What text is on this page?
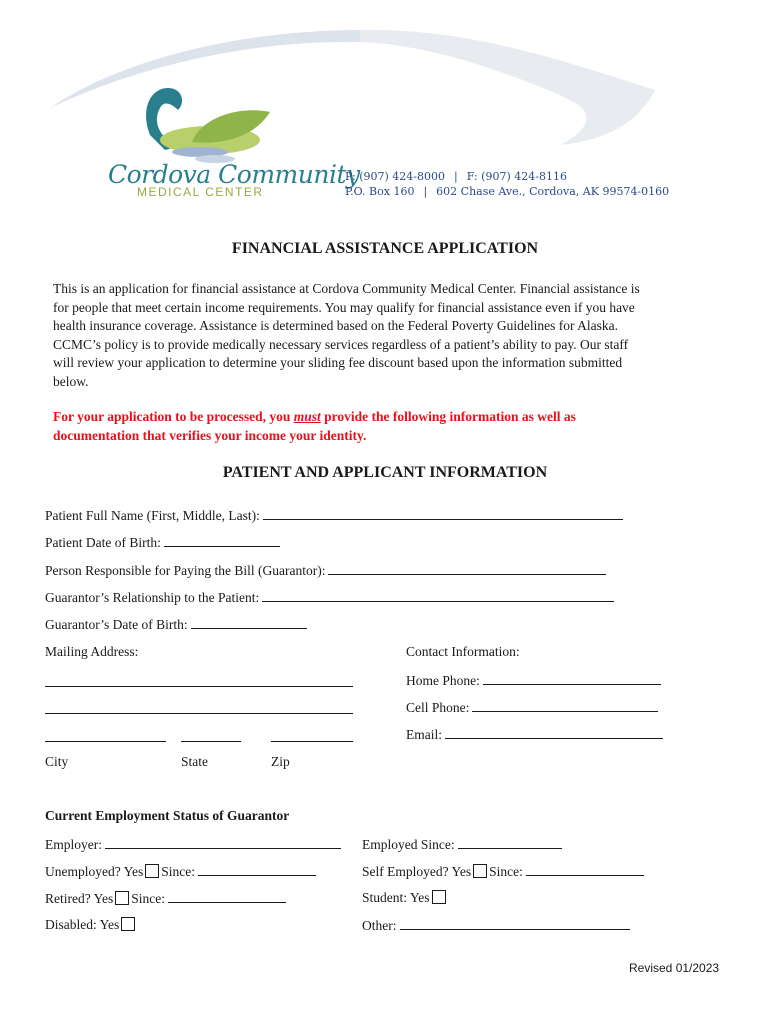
Cordova Community
MEDICAL CENTER
P: (907) 424-8000 | F: (907) 424-8116
P.O. Box 160 | 602 Chase Ave., Cordova, AK 99574-0160
FINANCIAL ASSISTANCE APPLICATION

This is an application for financial assistance at Cordova Community Medical Center. Financial assistance is

for people that meet certain income requirements. You may qualify for financial assistance even if you have

health insurance coverage. Assistance is determined based on the Federal Poverty Guidelines for Alaska.

CCMC’s policy is to provide medically necessary services regardless of a patient’s ability to pay. Our staff

will review your application to determine your sliding fee discount based upon the information submitted

below.

For your application to be processed, you must provide the following information as well as

documentation that verifies your income your identity.

PATIENT AND APPLICANT INFORMATION
Patient Full Name (First, Middle, Last):
Patient Date of Birth:
Person Responsible for Paying the Bill (Guarantor):
Guarantor’s Relationship to the Patient:
Guarantor’s Date of Birth:
Mailing Address:
City	State	Zip
Contact Information:
Home Phone:
Cell Phone:
Email:
Current Employment Status of Guarantor
Employer:	Employed Since:
Unemployed? Yes Since:	Self Employed? Yes Since:
Retired? Yes Since:	Student: Yes
Disabled: Yes	Other:
Revised 01/2023
